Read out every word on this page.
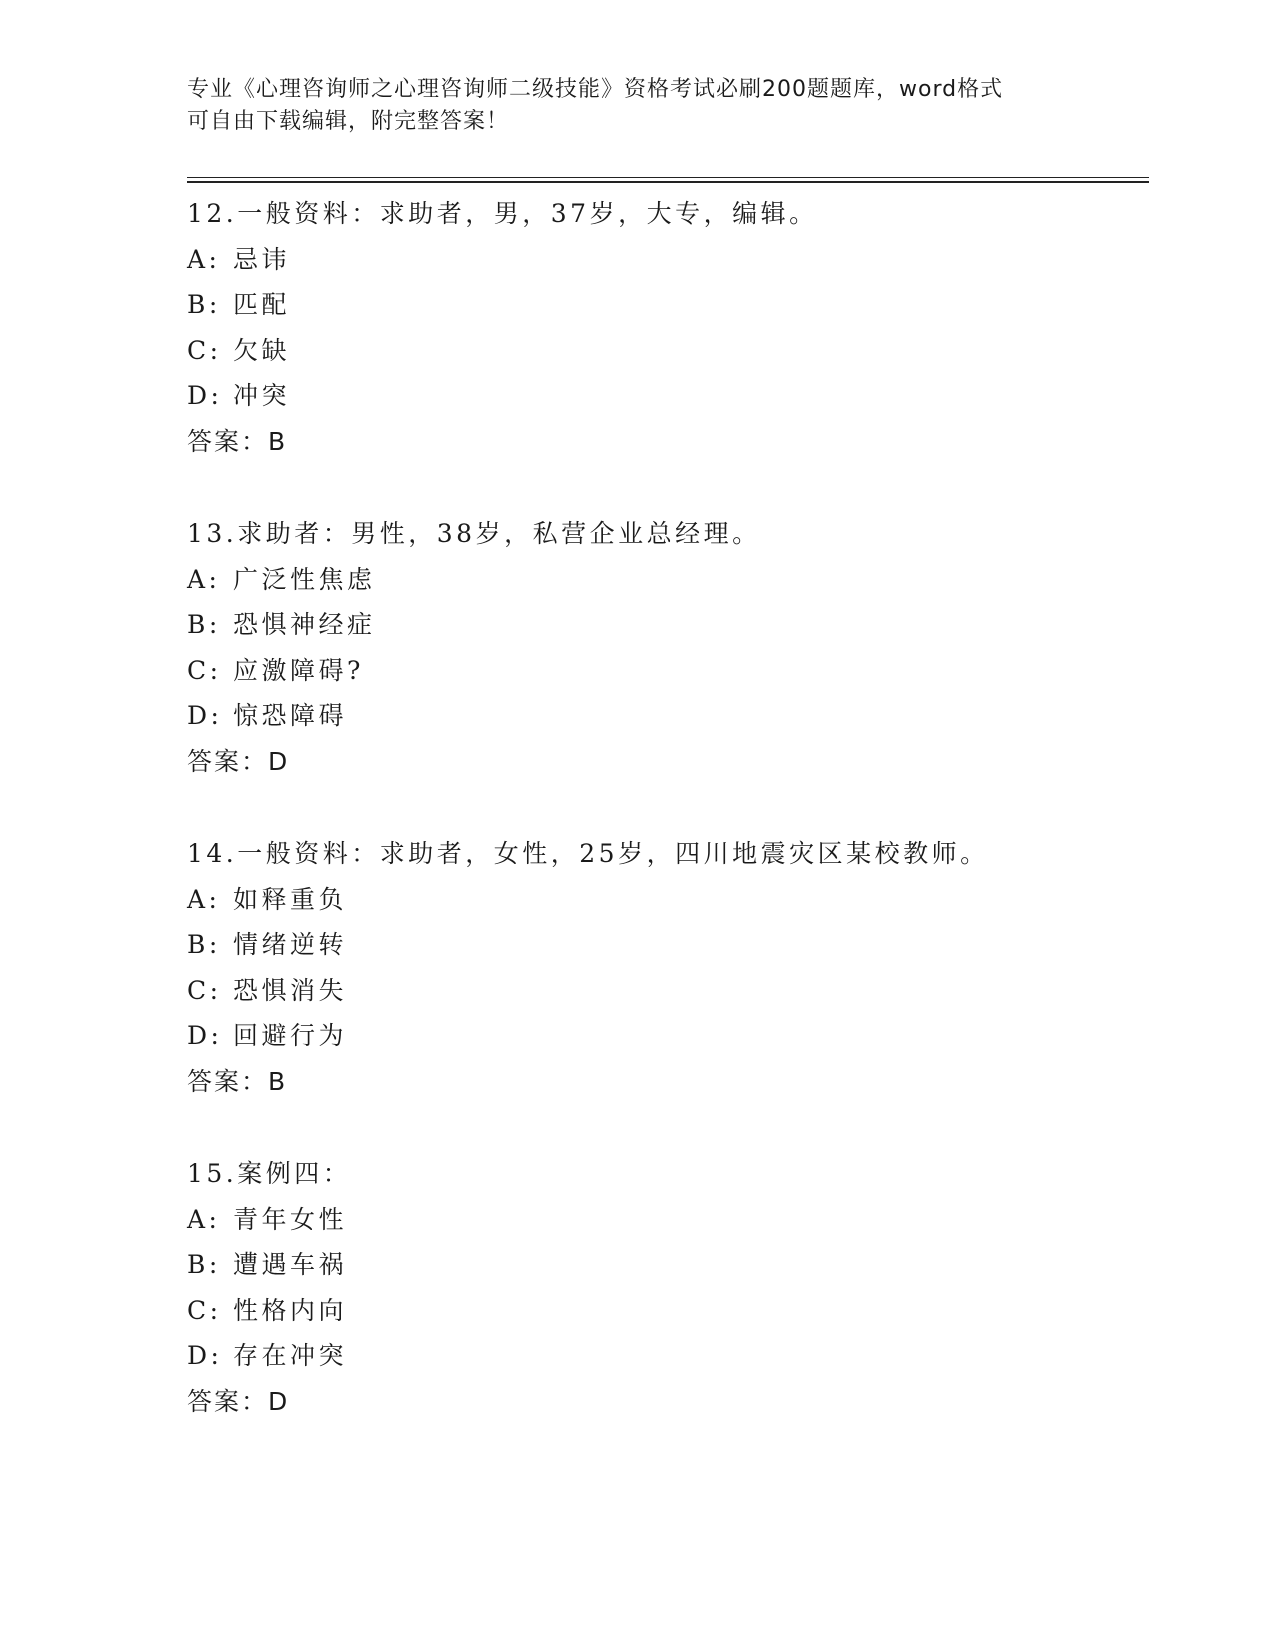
专业《心理咨询师之心理咨询师二级技能》资格考试必刷200题题库，word格式
可自由下载编辑，附完整答案！
12.一般资料：求助者，男，37岁，大专，编辑。
A: 忌讳
B: 匹配
C: 欠缺
D: 冲突
答案：B
13.求助者：男性，38岁，私营企业总经理。
A: 广泛性焦虑
B: 恐惧神经症
C: 应激障碍?
D: 惊恐障碍
答案：D
14.一般资料：求助者，女性，25岁，四川地震灾区某校教师。
A: 如释重负
B: 情绪逆转
C: 恐惧消失
D: 回避行为
答案：B
15.案例四：
A: 青年女性
B: 遭遇车祸
C: 性格内向
D: 存在冲突
答案：D
